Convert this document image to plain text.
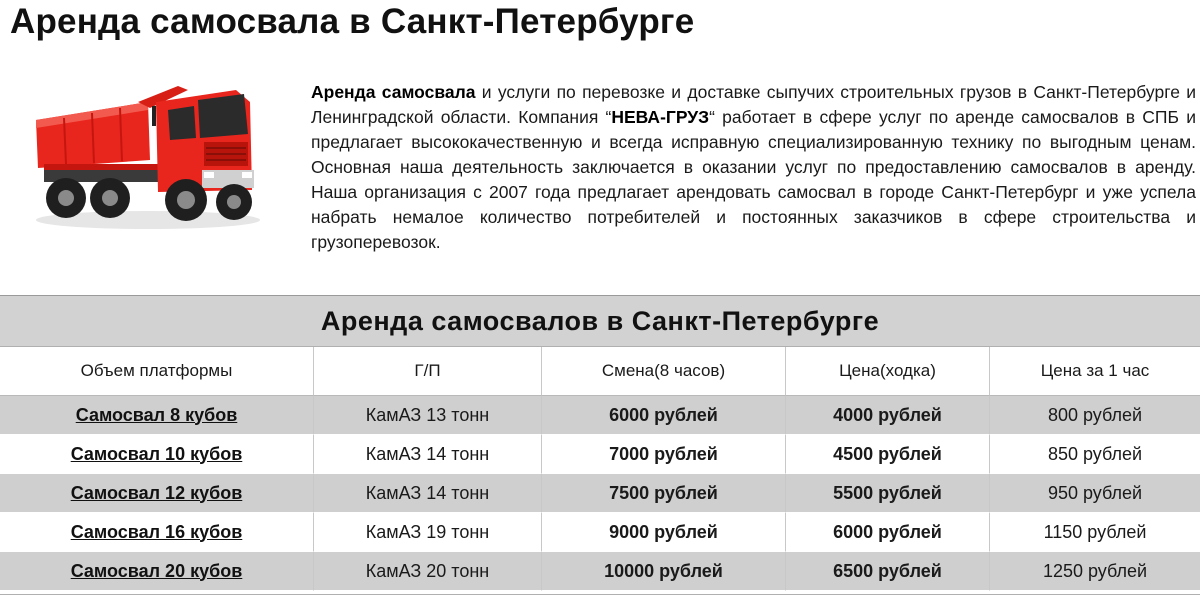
Аренда самосвала в Санкт-Петербурге

Аренда самосвала и услуги по перевозке и доставке сыпучих строительных грузов в Санкт-Петербурге и Ленинградской области. Компания “НЕВА-ГРУЗ“ работает в сфере услуг по аренде самосвалов в СПБ и предлагает высококачественную и всегда исправную специализированную технику по выгодным ценам. Основная наша деятельность заключается в оказании услуг по предоставлению самосвалов в аренду. Наша организация с 2007 года предлагает арендовать самосвал в городе Санкт-Петербург и уже успела набрать немалое количество потребителей и постоянных заказчиков в сфере строительства и грузоперевозок.

Аренда самосвалов в Санкт-Петербурге
Объем платформы	Г/П	Смена(8 часов)	Цена(ходка)	Цена за 1 час
Самосвал 8 кубов	КамАЗ 13 тонн	6000 рублей	4000 рублей	800 рублей
Самосвал 10 кубов	КамАЗ 14 тонн	7000 рублей	4500 рублей	850 рублей
Самосвал 12 кубов	КамАЗ 14 тонн	7500 рублей	5500 рублей	950 рублей
Самосвал 16 кубов	КамАЗ 19 тонн	9000 рублей	6000 рублей	1150 рублей
Самосвал 20 кубов	КамАЗ 20 тонн	10000 рублей	6500 рублей	1250 рублей
